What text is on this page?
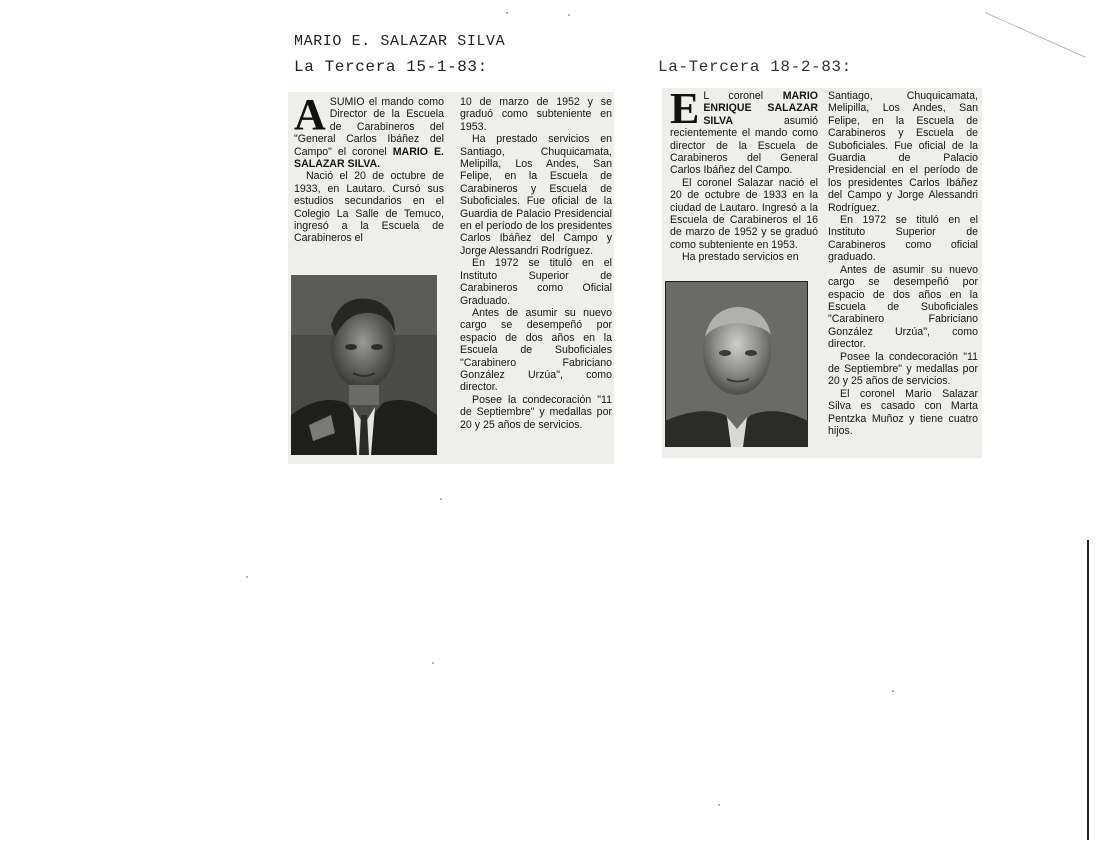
MARIO E. SALAZAR SILVA
La Tercera 15-1-83:	La-Tercera 18-2-83:

ASUMIO el mando como Director de la Escuela de Carabineros del "General Carlos Ibáñez del Campo" el coronel MARIO E. SALAZAR SILVA.

Nació el 20 de octubre de 1933, en Lautaro. Cursó sus estudios secundarios en el Colegio La Salle de Temuco, ingresó a la Escuela de Carabineros el

10 de marzo de 1952 y se graduó como subteniente en 1953.

Ha prestado servicios en Santiago, Chuquicamata, Melipilla, Los Andes, San Felipe, en la Escuela de Carabineros y Escuela de Suboficiales. Fue oficial de la Guardia de Palacio Presidencial en el período de los presidentes Carlos Ibáñez del Campo y Jorge Alessandri Rodríguez.

En 1972 se tituló en el Instituto Superior de Carabineros como Oficial Graduado.

Antes de asumir su nuevo cargo se desempeñó por espacio de dos años en la Escuela de Suboficiales "Carabinero Fabriciano González Urzúa", como director.

Posee la condecoración "11 de Septiembre" y medallas por 20 y 25 años de servicios.

E L coronel MARIO ENRIQUE SALAZAR SILVA asumió recientemente el mando como director de la Escuela de Carabineros del General Carlos Ibáñez del Campo.

El coronel Salazar nació el 20 de octubre de 1933 en la ciudad de Lautaro. Ingresó a la Escuela de Carabineros el 16 de marzo de 1952 y se graduó como subteniente en 1953.

Ha prestado servicios en

Santiago, Chuquicamata, Melipilla, Los Andes, San Felipe, en la Escuela de Carabineros y Escuela de Suboficiales. Fue oficial de la Guardia de Palacio Presidencial en el período de los presidentes Carlos Ibáñez del Campo y Jorge Alessandri Rodríguez.

En 1972 se tituló en el Instituto Superior de Carabineros como oficial graduado.

Antes de asumir su nuevo cargo se desempeñó por espacio de dos años en la Escuela de Suboficiales "Carabinero Fabriciano González Urzúa", como director.

Posee la condecoración "11 de Septiembre" y medallas por 20 y 25 años de servicios.

El coronel Mario Salazar Silva es casado con Marta Pentzka Muñoz y tiene cuatro hijos.
